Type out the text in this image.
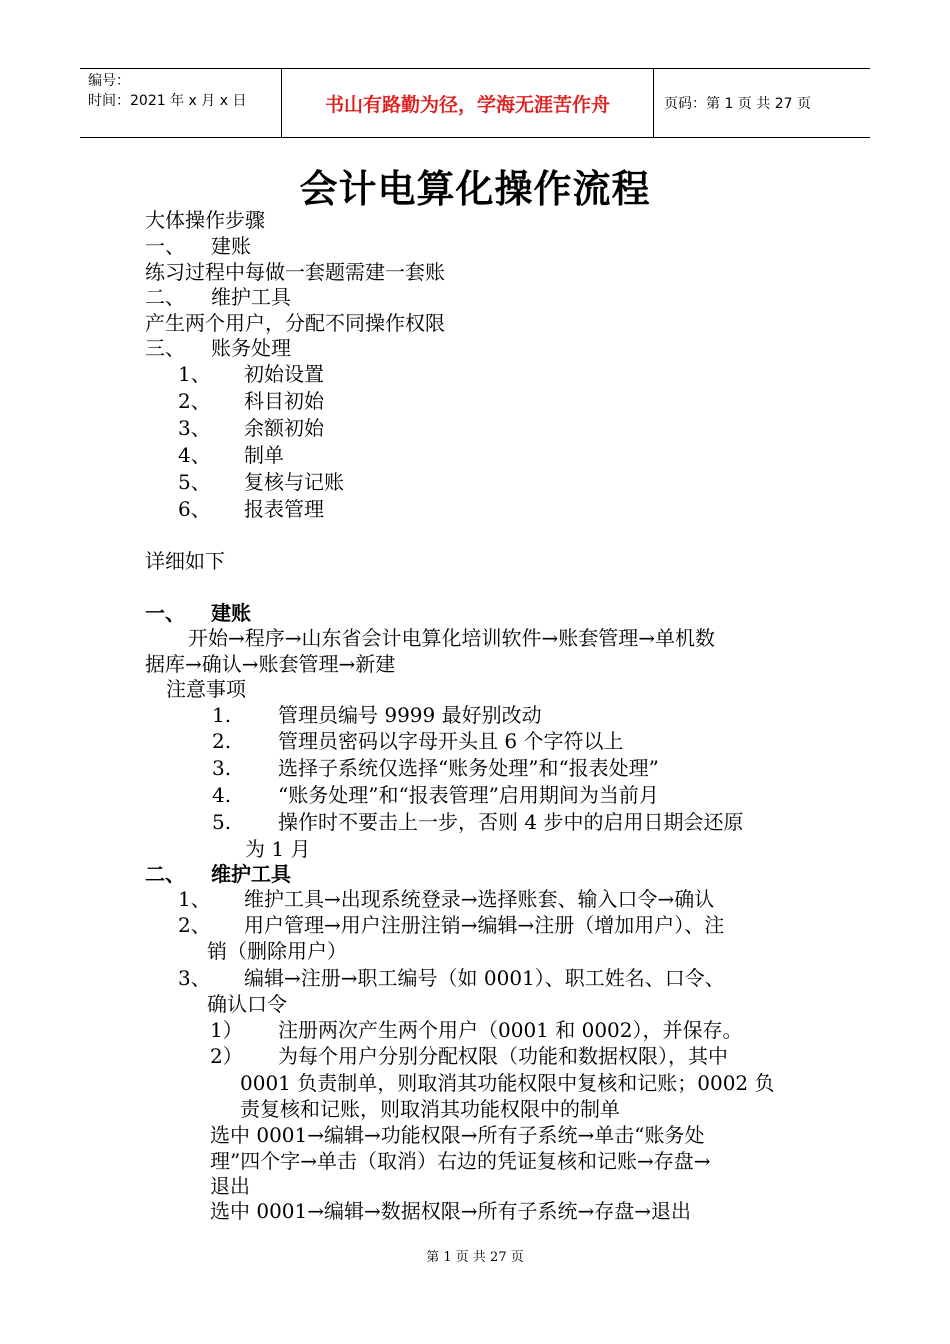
编号：
时间：2021 年 x 月 x 日	书山有路勤为径，学海无涯苦作舟	页码：第 1 页 共 27 页
会计电算化操作流程
大体操作步骤
一、 建账
练习过程中每做一套题需建一套账
二、 维护工具
产生两个用户，分配不同操作权限
三、 账务处理
1、 初始设置
2、 科目初始
3、 余额初始
4、 制单
5、 复核与记账
6、 报表管理
详细如下
一、 建账
开始→程序→山东省会计电算化培训软件→账套管理→单机数
据库→确认→账套管理→新建
注意事项
1. 管理员编号 9999 最好别改动
2. 管理员密码以字母开头且 6 个字符以上
3. 选择子系统仅选择“账务处理”和“报表处理”
4. “账务处理”和“报表管理”启用期间为当前月
5. 操作时不要击上一步，否则 4 步中的启用日期会还原
为 1 月
二、 维护工具
1、 维护工具→出现系统登录→选择账套、输入口令→确认
2、 用户管理→用户注册注销→编辑→注册（增加用户）、注
销（删除用户）
3、 编辑→注册→职工编号（如 0001）、职工姓名、口令、
确认口令
1） 注册两次产生两个用户（0001 和 0002），并保存。
2） 为每个用户分别分配权限（功能和数据权限），其中
0001 负责制单，则取消其功能权限中复核和记账；0002 负
责复核和记账，则取消其功能权限中的制单
选中 0001→编辑→功能权限→所有子系统→单击“账务处
理”四个字→单击（取消）右边的凭证复核和记账→存盘→
退出
选中 0001→编辑→数据权限→所有子系统→存盘→退出
第 1 页 共 27 页
